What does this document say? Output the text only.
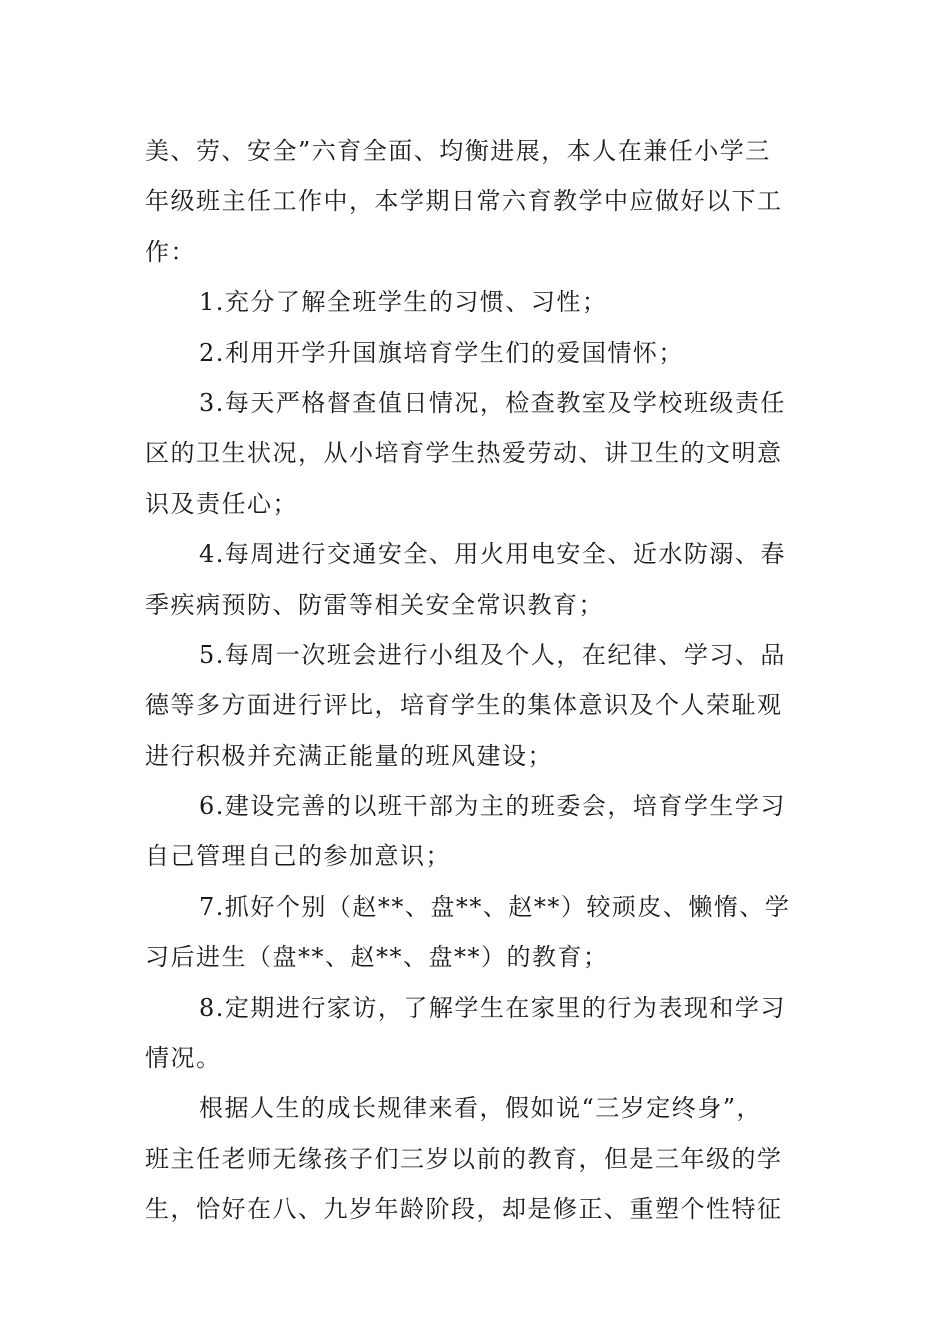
美、劳、安全”六育全面、均衡进展，本人在兼任小学三
年级班主任工作中，本学期日常六育教学中应做好以下工
作：
1.充分了解全班学生的习惯、习性；
2.利用开学升国旗培育学生们的爱国情怀；
3.每天严格督查值日情况，检查教室及学校班级责任
区的卫生状况，从小培育学生热爱劳动、讲卫生的文明意
识及责任心；
4.每周进行交通安全、用火用电安全、近水防溺、春
季疾病预防、防雷等相关安全常识教育；
5.每周一次班会进行小组及个人，在纪律、学习、品
德等多方面进行评比，培育学生的集体意识及个人荣耻观
进行积极并充满正能量的班风建设；
6.建设完善的以班干部为主的班委会，培育学生学习
自己管理自己的参加意识；
7.抓好个别（赵**、盘**、赵**）较顽皮、懒惰、学
习后进生（盘**、赵**、盘**）的教育；
8.定期进行家访，了解学生在家里的行为表现和学习
情况。
根据人生的成长规律来看，假如说“三岁定终身”，
班主任老师无缘孩子们三岁以前的教育，但是三年级的学
生，恰好在八、九岁年龄阶段，却是修正、重塑个性特征
